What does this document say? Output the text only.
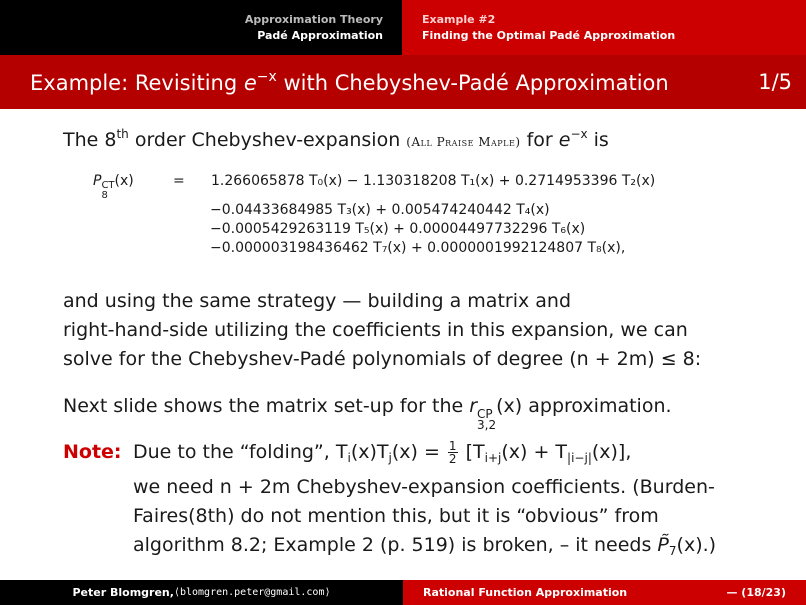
Approximation Theory
Padé Approximation
Example #2
Finding the Optimal Padé Approximation
Example: Revisiting $e^{-x}$ with Chebyshev-Padé Approximation	1/5
The 8th order Chebyshev-expansion (All Praise Maple) for $e^{-x}$ is
P CT
8
(x)	=	1.266065878 T₀(x) − 1.130318208 T₁(x) + 0.2714953396 T₂(x)
−0.04433684985 T₃(x) + 0.005474240442 T₄(x)
−0.0005429263119 T₅(x) + 0.00004497732296 T₆(x)
−0.000003198436462 T₇(x) + 0.0000001992124807 T₈(x),
and using the same strategy — building a matrix and
right-hand-side utilizing the coefficients in this expansion, we can
solve for the Chebyshev-Padé polynomials of degree (n + 2m) ≤ 8:
Next slide shows the matrix set-up for the r CP
3,2
(x) approximation.
Note: Due to the “folding”, $T_i(x)T_j(x) = \frac{1}{2} [T_{i+j}(x) + T_{|i-j|}(x)]$,
we need n + 2m Chebyshev-expansion coefficients. (Burden-
Faires(8th) do not mention this, but it is “obvious” from
algorithm 8.2; Example 2 (p. 519) is broken, – it needs $P̃_7(x)$.)
Peter Blomgren, ⟨blomgren.peter@gmail.com⟩	Rational Function Approximation	— (18/23)
